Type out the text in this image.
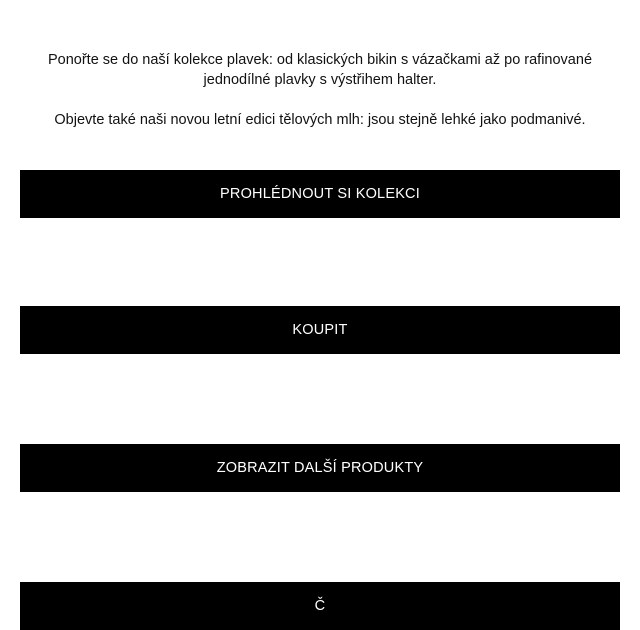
Ponořte se do naší kolekce plavek: od klasických bikin s vázačkami až po rafinované jednodílné plavky s výstřihem halter.

Objevte také naši novou letní edici tělových mlh: jsou stejně lehké jako podmanivé.

PROHLÉDNOUT SI KOLEKCI
KOUPIT
ZOBRAZIT DALŠÍ PRODUKTY
Č
